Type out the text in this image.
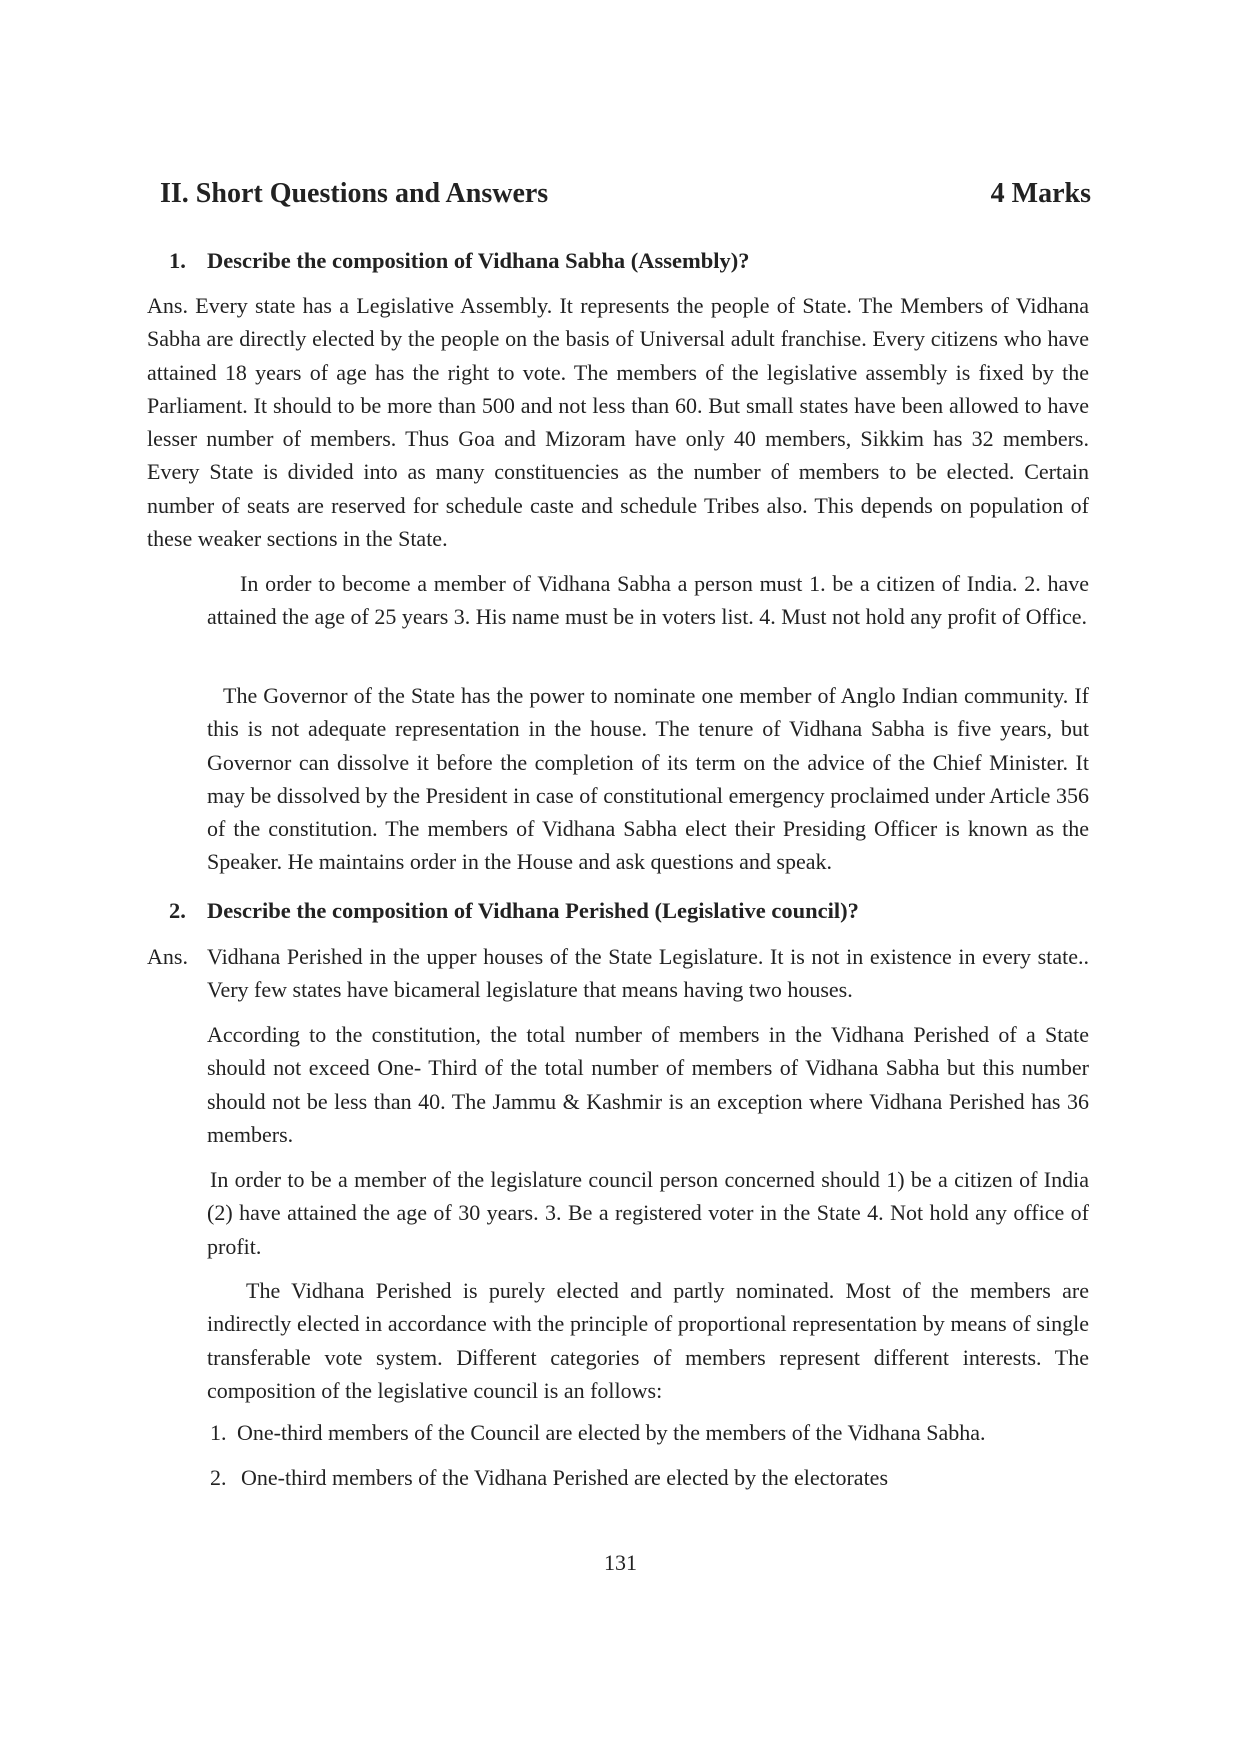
II. Short Questions and Answers	4 Marks
1. Describe the composition of Vidhana Sabha (Assembly)?
Ans. Every state has a Legislative Assembly. It represents the people of State. The Members of Vidhana Sabha are directly elected by the people on the basis of Universal adult franchise. Every citizens who have attained 18 years of age has the right to vote. The members of the legislative assembly is fixed by the Parliament. It should to be more than 500 and not less than 60. But small states have been allowed to have lesser number of members. Thus Goa and Mizoram have only 40 members, Sikkim has 32 members. Every State is divided into as many constituencies as the number of members to be elected. Certain number of seats are reserved for schedule caste and schedule Tribes also. This depends on population of these weaker sections in the State.
In order to become a member of Vidhana Sabha a person must 1. be a citizen of India. 2. have attained the age of 25 years 3. His name must be in voters list. 4. Must not hold any profit of Office.
The Governor of the State has the power to nominate one member of Anglo Indian community. If this is not adequate representation in the house. The tenure of Vidhana Sabha is five years, but Governor can dissolve it before the completion of its term on the advice of the Chief Minister. It may be dissolved by the President in case of constitutional emergency proclaimed under Article 356 of the constitution. The members of Vidhana Sabha elect their Presiding Officer is known as the Speaker. He maintains order in the House and ask questions and speak.
2. Describe the composition of Vidhana Perished (Legislative council)?
Ans. Vidhana Perished in the upper houses of the State Legislature. It is not in existence in every state.. Very few states have bicameral legislature that means having two houses.
According to the constitution, the total number of members in the Vidhana Perished of a State should not exceed One- Third of the total number of members of Vidhana Sabha but this number should not be less than 40. The Jammu & Kashmir is an exception where Vidhana Perished has 36 members.
In order to be a member of the legislature council person concerned should 1) be a citizen of India (2) have attained the age of 30 years. 3. Be a registered voter in the State 4. Not hold any office of profit.
The Vidhana Perished is purely elected and partly nominated. Most of the members are indirectly elected in accordance with the principle of proportional representation by means of single transferable vote system. Different categories of members represent different interests. The composition of the legislative council is an follows:
1. One-third members of the Council are elected by the members of the Vidhana Sabha.
2. One-third members of the Vidhana Perished are elected by the electorates
131
